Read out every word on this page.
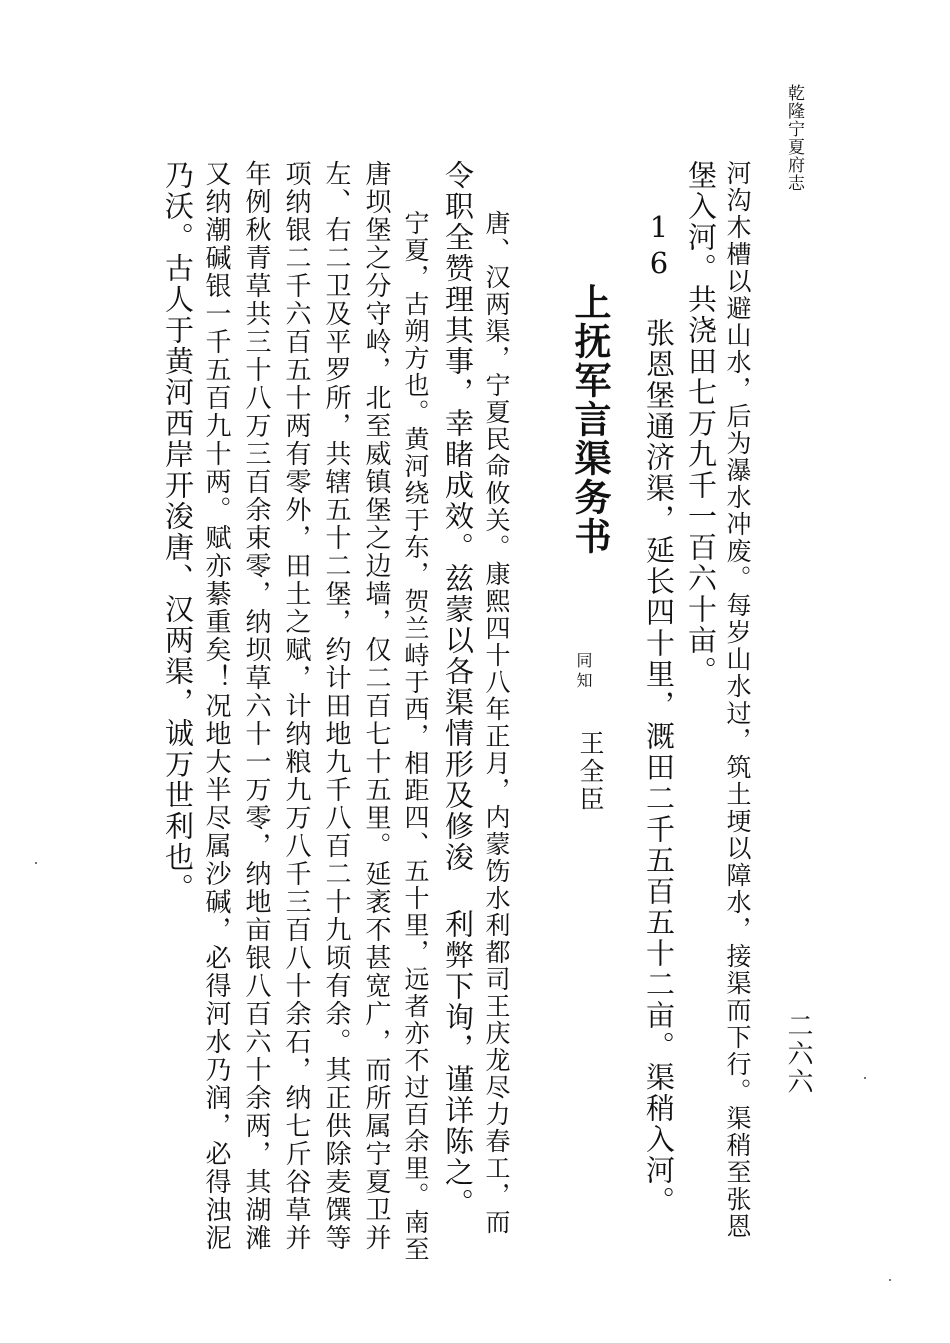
乾隆宁夏府志
二六六
河沟木槽以避山水，后为瀑水冲废。每岁山水过，筑土埂以障水，接渠而下行。渠稍至张恩
堡入河。共浇田七万九千一百六十亩。
16 张恩堡通济渠，延长四十里，溉田二千五百五十二亩。渠稍入河。
上抚军言渠务书
同知
王全臣
唐、汉两渠，宁夏民命攸关。康熙四十八年正月，内蒙饬水利都司王庆龙尽力春工，而
令职全赞理其事，幸睹成效。兹蒙以各渠情形及修浚 利弊下询，谨详陈之。
宁夏，古朔方也。黄河绕于东，贺兰峙于西，相距四、五十里，远者亦不过百余里。南至
唐坝堡之分守岭，北至威镇堡之边墙，仅二百七十五里。延袤不甚宽广，而所属宁夏卫并
左、右二卫及平罗所，共辖五十二堡，约计田地九千八百二十九顷有余。其正供除麦馔等
项纳银二千六百五十两有零外，田土之赋，计纳粮九万八千三百八十余石，纳七斤谷草并
年例秋青草共三十八万三百余束零，纳坝草六十一万零，纳地亩银八百六十余两，其湖滩
又纳潮碱银一千五百九十两。赋亦綦重矣！况地大半尽属沙碱，必得河水乃润，必得浊泥
乃沃。古人于黄河西岸开浚唐、汉两渠，诚万世利也。
